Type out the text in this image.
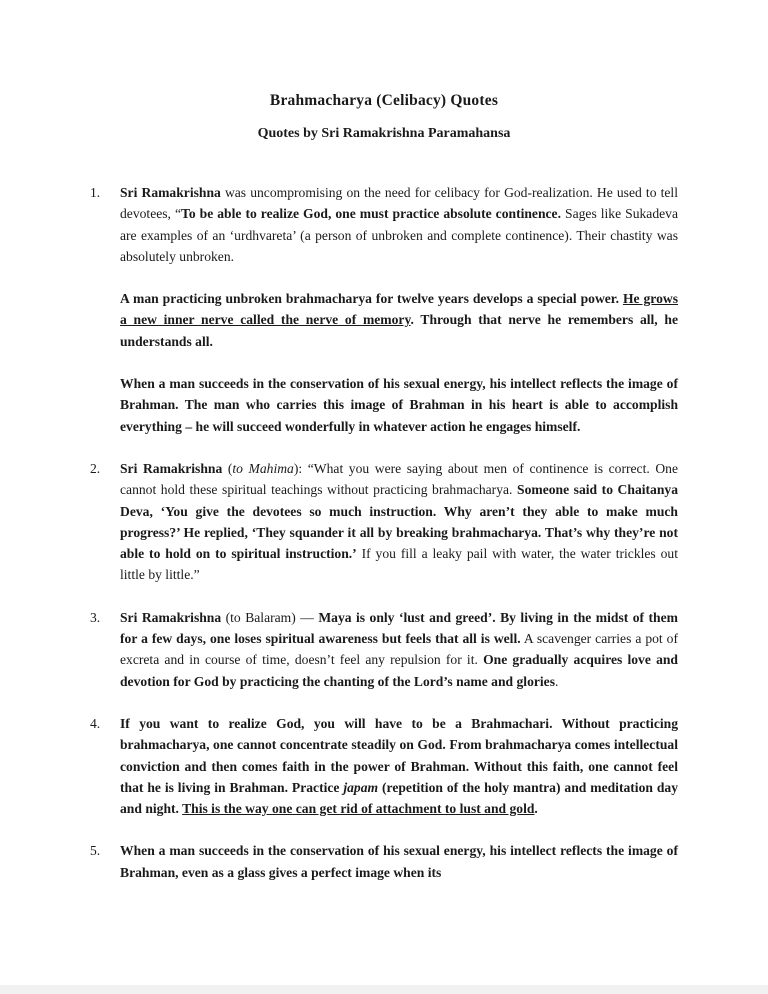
Brahmacharya (Celibacy) Quotes
Quotes by Sri Ramakrishna Paramahansa
1.	Sri Ramakrishna was uncompromising on the need for celibacy for God-realization. He used to tell devotees, “To be able to realize God, one must practice absolute continence. Sages like Sukadeva are examples of an ‘urdhvareta’ (a person of unbroken and complete continence). Their chastity was absolutely unbroken.

A man practicing unbroken brahmacharya for twelve years develops a special power. He grows a new inner nerve called the nerve of memory. Through that nerve he remembers all, he understands all.

When a man succeeds in the conservation of his sexual energy, his intellect reflects the image of Brahman. The man who carries this image of Brahman in his heart is able to accomplish everything – he will succeed wonderfully in whatever action he engages himself.

2.	Sri Ramakrishna (to Mahima): “What you were saying about men of continence is correct. One cannot hold these spiritual teachings without practicing brahmacharya. Someone said to Chaitanya Deva, ‘You give the devotees so much instruction. Why aren’t they able to make much progress?’ He replied, ‘They squander it all by breaking brahmacharya. That’s why they’re not able to hold on to spiritual instruction.’ If you fill a leaky pail with water, the water trickles out little by little.”

3.	Sri Ramakrishna (to Balaram) — Maya is only ‘lust and greed’. By living in the midst of them for a few days, one loses spiritual awareness but feels that all is well. A scavenger carries a pot of excreta and in course of time, doesn’t feel any repulsion for it. One gradually acquires love and devotion for God by practicing the chanting of the Lord’s name and glories.

4.	If you want to realize God, you will have to be a Brahmachari. Without practicing brahmacharya, one cannot concentrate steadily on God. From brahmacharya comes intellectual conviction and then comes faith in the power of Brahman. Without this faith, one cannot feel that he is living in Brahman. Practice japam (repetition of the holy mantra) and meditation day and night. This is the way one can get rid of attachment to lust and gold.

5.	When a man succeeds in the conservation of his sexual energy, his intellect reflects the image of Brahman, even as a glass gives a perfect image when its
